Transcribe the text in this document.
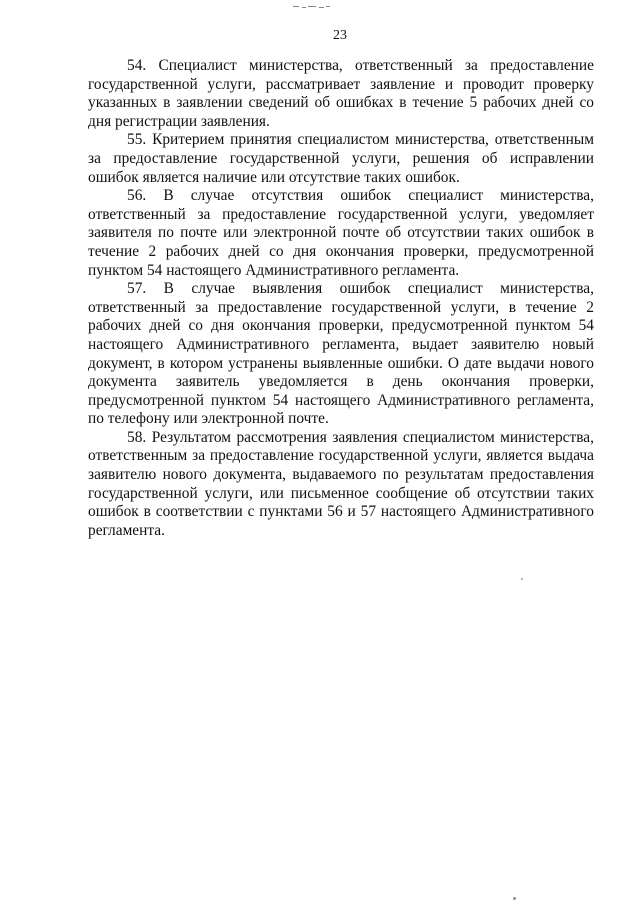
23

54. Специалист министерства, ответственный за предоставление государственной услуги, рассматривает заявление и проводит проверку указанных в заявлении сведений об ошибках в течение 5 рабочих дней со дня регистрации заявления.

55. Критерием принятия специалистом министерства, ответственным за предоставление государственной услуги, решения об исправлении ошибок является наличие или отсутствие таких ошибок.

56. В случае отсутствия ошибок специалист министерства, ответственный за предоставление государственной услуги, уведомляет заявителя по почте или электронной почте об отсутствии таких ошибок в течение 2 рабочих дней со дня окончания проверки, предусмотренной пунктом 54 настоящего Административного регламента.

57. В случае выявления ошибок специалист министерства, ответственный за предоставление государственной услуги, в течение 2 рабочих дней со дня окончания проверки, предусмотренной пунктом 54 настоящего Административного регламента, выдает заявителю новый документ, в котором устранены выявленные ошибки. О дате выдачи нового документа заявитель уведомляется в день окончания проверки, предусмотренной пунктом 54 настоящего Административного регламента, по телефону или электронной почте.

58. Результатом рассмотрения заявления специалистом министерства, ответственным за предоставление государственной услуги, является выдача заявителю нового документа, выдаваемого по результатам предоставления государственной услуги, или письменное сообщение об отсутствии таких ошибок в соответствии с пунктами 56 и 57 настоящего Административного регламента.
